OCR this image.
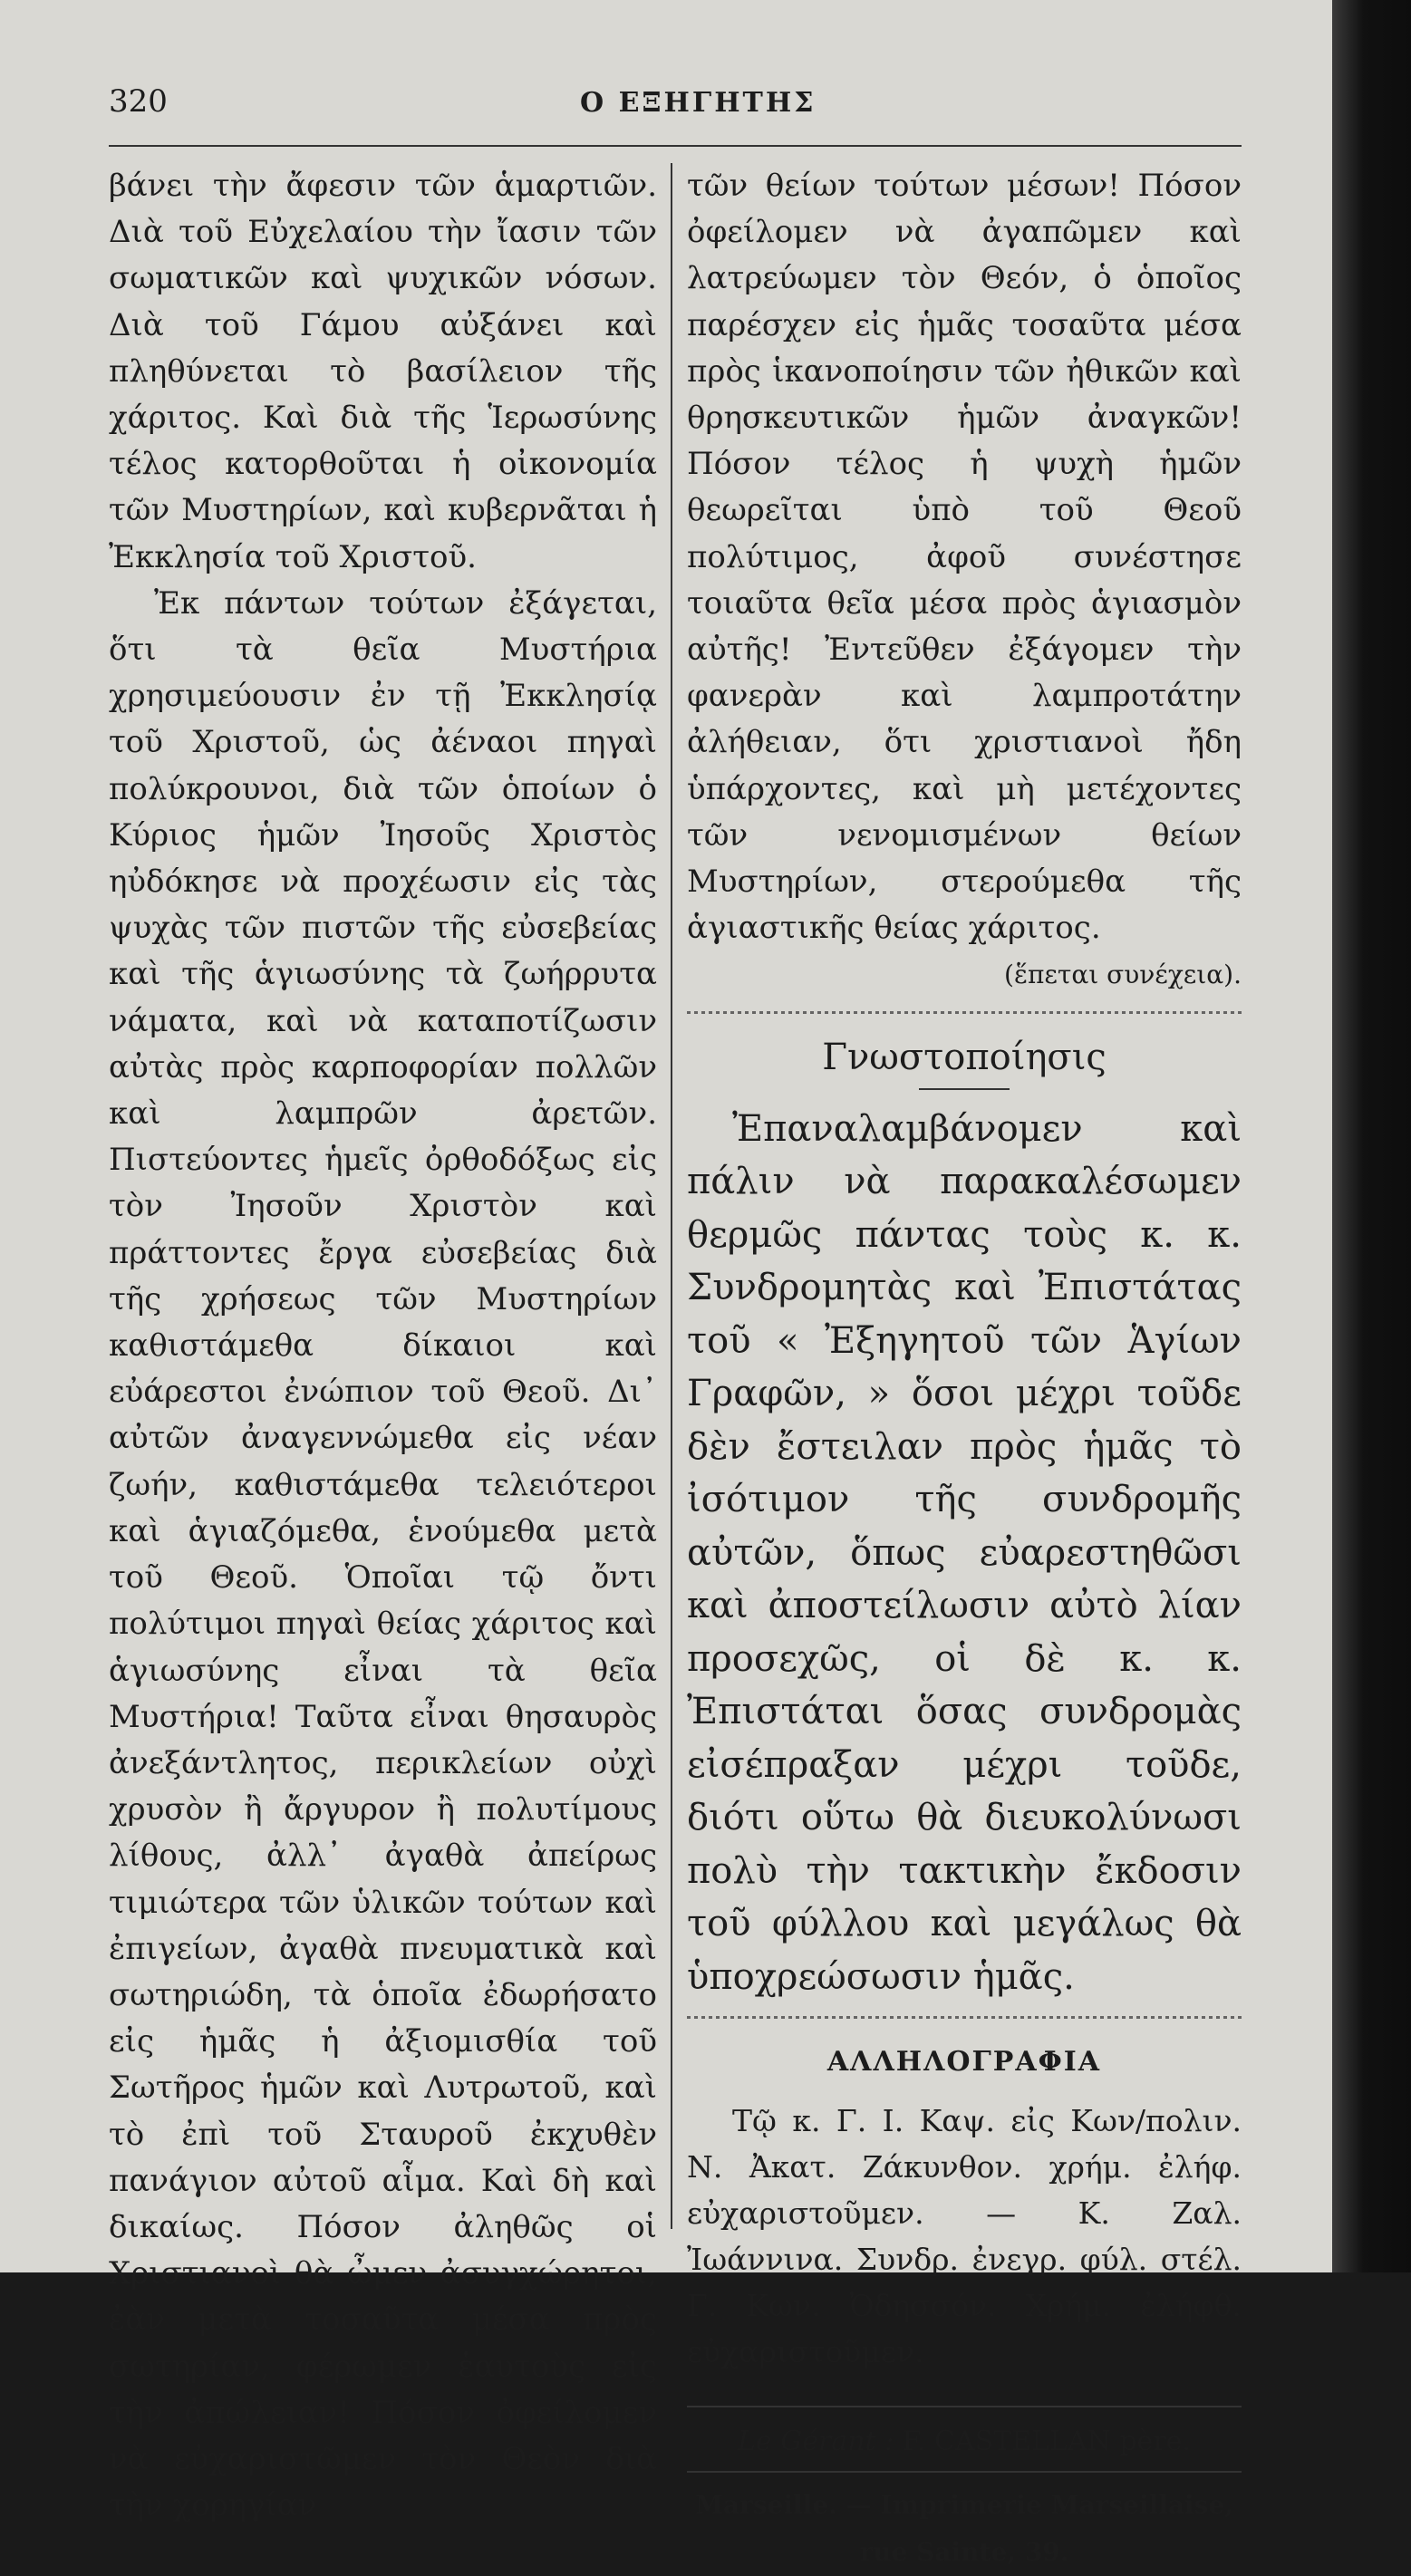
320	Ο ΕΞΗΓΗΤΗΣ

βάνει τὴν ἄφεσιν τῶν ἁμαρτιῶν. Διὰ τοῦ Εὐχελαίου τὴν ἴασιν τῶν σωματικῶν καὶ ψυχικῶν νόσων. Διὰ τοῦ Γάμου αὐξάνει καὶ πληθύνεται τὸ βασίλειον τῆς χάριτος. Καὶ διὰ τῆς Ἱερωσύνης τέλος κατορθοῦται ἡ οἰκονομία τῶν Μυστηρίων, καὶ κυβερνᾶται ἡ Ἐκκλησία τοῦ Χριστοῦ.

Ἐκ πάντων τούτων ἐξάγεται, ὅτι τὰ θεῖα Μυστήρια χρησιμεύουσιν ἐν τῇ Ἐκκλησίᾳ τοῦ Χριστοῦ, ὡς ἀέναοι πηγαὶ πολύκρουνοι, διὰ τῶν ὁποίων ὁ Κύριος ἡμῶν Ἰησοῦς Χριστὸς ηὐδόκησε νὰ προχέωσιν εἰς τὰς ψυχὰς τῶν πιστῶν τῆς εὐσεβείας καὶ τῆς ἁγιωσύνης τὰ ζωήρρυτα νάματα, καὶ νὰ καταποτίζωσιν αὐτὰς πρὸς καρποφορίαν πολλῶν καὶ λαμπρῶν ἀρετῶν. Πιστεύοντες ἡμεῖς ὀρθοδόξως εἰς τὸν Ἰησοῦν Χριστὸν καὶ πράττοντες ἔργα εὐσεβείας διὰ τῆς χρήσεως τῶν Μυστηρίων καθιστάμεθα δίκαιοι καὶ εὐάρεστοι ἐνώπιον τοῦ Θεοῦ. Δι᾽ αὐτῶν ἀναγεννώμεθα εἰς νέαν ζωήν, καθιστάμεθα τελειότεροι καὶ ἁγιαζόμεθα, ἑνούμεθα μετὰ τοῦ Θεοῦ. Ὁποῖαι τῷ ὄντι πολύτιμοι πηγαὶ θείας χάριτος καὶ ἁγιωσύνης εἶναι τὰ θεῖα Μυστήρια! Ταῦτα εἶναι θησαυρὸς ἀνεξάντλητος, περικλείων οὐχὶ χρυσὸν ἢ ἄργυρον ἢ πολυτίμους λίθους, ἀλλ᾽ ἀγαθὰ ἀπείρως τιμιώτερα τῶν ὑλικῶν τούτων καὶ ἐπιγείων, ἀγαθὰ πνευματικὰ καὶ σωτηριώδη, τὰ ὁποῖα ἐδωρήσατο εἰς ἡμᾶς ἡ ἀξιομισθία τοῦ Σωτῆρος ἡμῶν καὶ Λυτρωτοῦ, καὶ τὸ ἐπὶ τοῦ Σταυροῦ ἐκχυθὲν πανάγιον αὐτοῦ αἷμα. Καὶ δὴ καὶ δικαίως. Πόσον ἀληθῶς οἱ Χριστιανοὶ θὰ ὦμεν ἀσυγχώρητοι, ἐὰν μετὰ τοσαῦτα μέσα πρὸς σωτηρίαν, φέρωμεν ἑαυτοὺς εἰς τὴν ἀπώλειαν! Πόσον ὀφείλομεν νὰ εὐχαριστῶμεν τὸν Θεὸν διὰ τὴν χορηγίαν

τῶν θείων τούτων μέσων! Πόσον ὀφείλομεν νὰ ἀγαπῶμεν καὶ λατρεύωμεν τὸν Θεόν, ὁ ὁποῖος παρέσχεν εἰς ἡμᾶς τοσαῦτα μέσα πρὸς ἱκανοποίησιν τῶν ἠθικῶν καὶ θρησκευτικῶν ἡμῶν ἀναγκῶν! Πόσον τέλος ἡ ψυχὴ ἡμῶν θεωρεῖται ὑπὸ τοῦ Θεοῦ πολύτιμος, ἀφοῦ συνέστησε τοιαῦτα θεῖα μέσα πρὸς ἁγιασμὸν αὐτῆς! Ἐντεῦθεν ἐξάγομεν τὴν φανερὰν καὶ λαμπροτάτην ἀλήθειαν, ὅτι χριστιανοὶ ἤδη ὑπάρχοντες, καὶ μὴ μετέχοντες τῶν νενομισμένων θείων Μυστηρίων, στερούμεθα τῆς ἁγιαστικῆς θείας χάριτος.

(ἕπεται συνέχεια).

Γνωστοποίησις

Ἐπαναλαμβάνομεν καὶ πάλιν νὰ παρακαλέσωμεν θερμῶς πάντας τοὺς κ. κ. Συνδρομητὰς καὶ Ἐπιστάτας τοῦ « Ἐξηγητοῦ τῶν Ἁγίων Γραφῶν, » ὅσοι μέχρι τοῦδε δὲν ἔστειλαν πρὸς ἡμᾶς τὸ ἰσότιμον τῆς συνδρομῆς αὐτῶν, ὅπως εὐαρεστηθῶσι καὶ ἀποστείλωσιν αὐτὸ λίαν προσεχῶς, οἱ δὲ κ. κ. Ἐπιστάται ὅσας συνδρομὰς εἰσέπραξαν μέχρι τοῦδε, διότι οὕτω θὰ διευκολύνωσι πολὺ τὴν τακτικὴν ἔκδοσιν τοῦ φύλλου καὶ μεγάλως θὰ ὑποχρεώσωσιν ἡμᾶς.

ΑΛΛΗΛΟΓΡΑΦΙΑ

Τῷ κ. Γ. Ι. Καψ. εἰς Κων/πολιν. Ν. Ἀκατ. Ζάκυνθον. χρήμ. ἐλήφ. εὐχαριστοῦμεν. — Κ. Ζαλ. Ἰωάννινα. Συνδρ. ἐνεγρ. φύλ. στέλ. Γ. Κων. Ὀδησσόν. Χρήμ. ἐλήφθ. εὐχαριστοῦμεν.

Le Gérant : F. CASTELLAN père.
Marseille. — Imprimerie Marseillaise, rue Sainte, 39.
